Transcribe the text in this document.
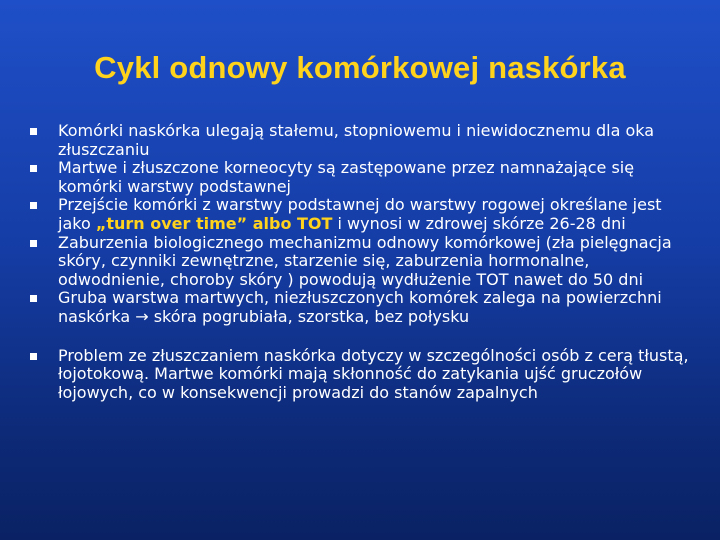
Cykl odnowy komórkowej naskórka
Komórki naskórka ulegają stałemu, stopniowemu i niewidocznemu dla oka złuszczaniu
Martwe i złuszczone korneocyty są zastępowane przez namnażające się komórki warstwy podstawnej
Przejście komórki z warstwy podstawnej do warstwy rogowej określane jest jako „turn over time” albo TOT i wynosi w zdrowej skórze 26-28 dni
Zaburzenia biologicznego mechanizmu odnowy komórkowej (zła pielęgnacja skóry, czynniki zewnętrzne, starzenie się, zaburzenia hormonalne, odwodnienie, choroby skóry ) powodują wydłużenie TOT nawet do 50 dni
Gruba warstwa martwych, niezłuszczonych komórek zalega na powierzchni naskórka → skóra pogrubiała, szorstka, bez połysku
Problem ze złuszczaniem naskórka dotyczy w szczególności osób z cerą tłustą, łojotokową. Martwe komórki mają skłonność do zatykania ujść gruczołów łojowych, co w konsekwencji prowadzi do stanów zapalnych
